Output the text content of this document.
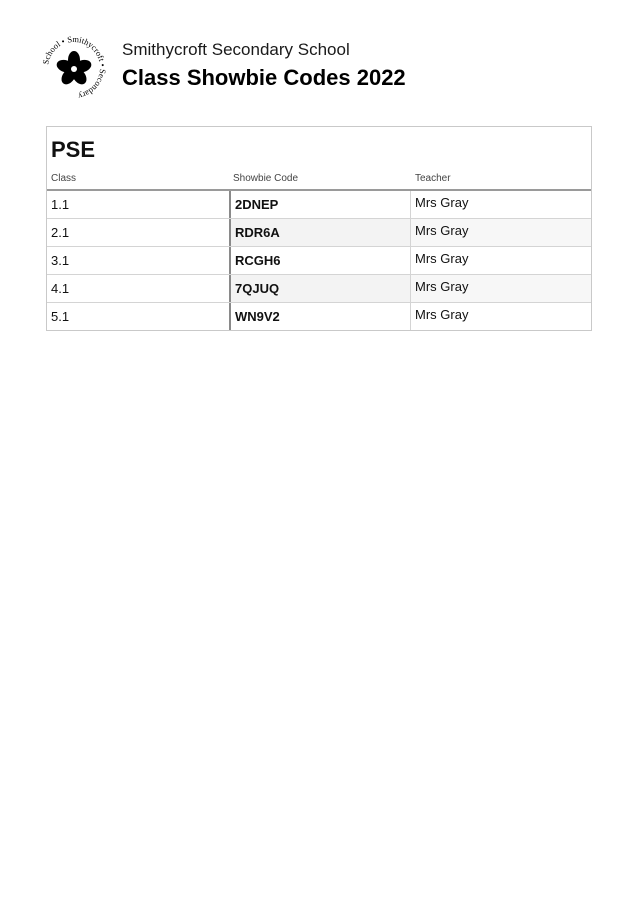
School • Smithycroft • Secondary
Smithycroft Secondary School
Class Showbie Codes 2022
PSE
Class	Showbie Code	Teacher
1.1	2DNEP	Mrs Gray
2.1	RDR6A	Mrs Gray
3.1	RCGH6	Mrs Gray
4.1	7QJUQ	Mrs Gray
5.1	WN9V2	Mrs Gray
